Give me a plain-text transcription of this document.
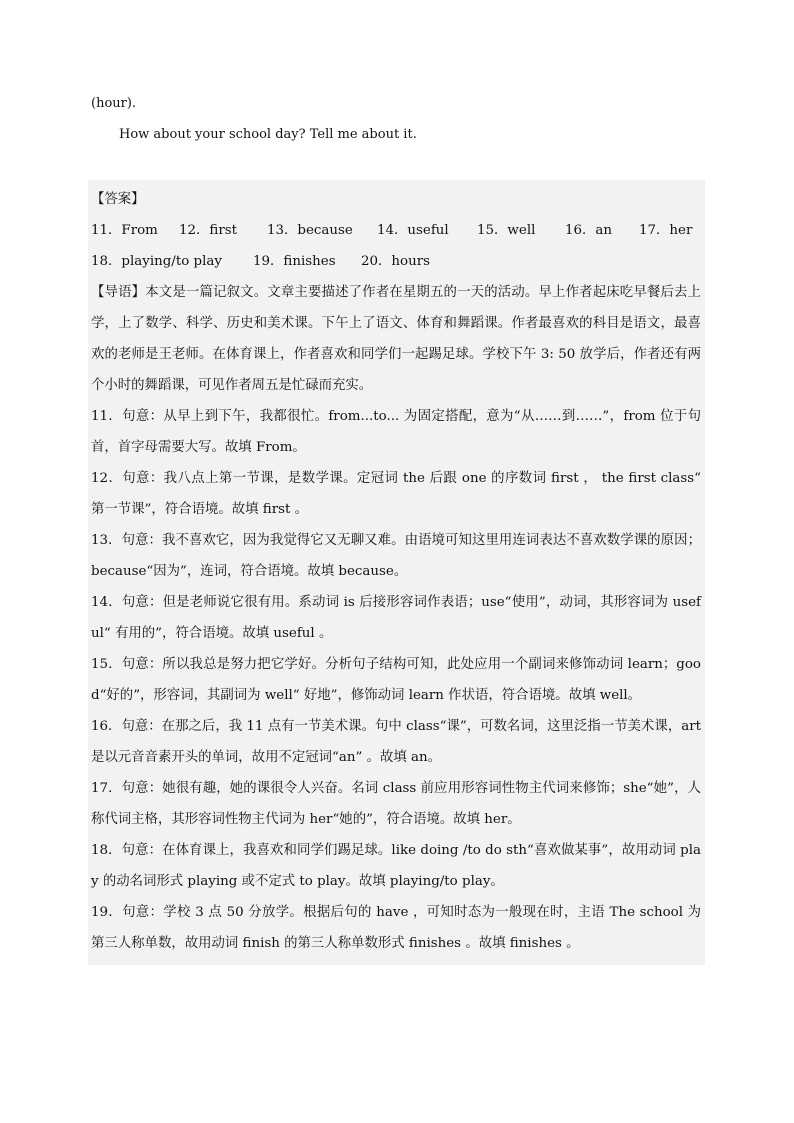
(hour).
How about your school day? Tell me about it.
【答案】
11．From 12．first 13．because 14．useful 15．well 16．an 17．her
18．playing/to play 19．finishes 20．hours
【导语】本文是一篇记叙文。文章主要描述了作者在星期五的一天的活动。早上作者起床吃早餐后去上学，上了数学、科学、历史和美术课。下午上了语文、体育和舞蹈课。作者最喜欢的科目是语文，最喜欢的老师是王老师。在体育课上，作者喜欢和同学们一起踢足球。学校下午 3: 50 放学后，作者还有两个小时的舞蹈课，可见作者周五是忙碌而充实。
11．句意：从早上到下午，我都很忙。from...to... 为固定搭配，意为“从……到……”，from 位于句首，首字母需要大写。故填 From。
12．句意：我八点上第一节课，是数学课。定冠词 the 后跟 one 的序数词 first ， the first class“ 第一节课”，符合语境。故填 first 。
13．句意：我不喜欢它，因为我觉得它又无聊又难。由语境可知这里用连词表达不喜欢数学课的原因；because“因为”，连词，符合语境。故填 because。
14．句意：但是老师说它很有用。系动词 is 后接形容词作表语；use“使用”，动词，其形容词为 useful“ 有用的”，符合语境。故填 useful 。
15．句意：所以我总是努力把它学好。分析句子结构可知，此处应用一个副词来修饰动词 learn；good“好的”，形容词，其副词为 well“ 好地”，修饰动词 learn 作状语，符合语境。故填 well。
16．句意：在那之后，我 11 点有一节美术课。句中 class“课”，可数名词，这里泛指一节美术课，art 是以元音音素开头的单词，故用不定冠词“an” 。故填 an。
17．句意：她很有趣，她的课很令人兴奋。名词 class 前应用形容词性物主代词来修饰；she“她”，人称代词主格，其形容词性物主代词为 her“她的”，符合语境。故填 her。
18．句意：在体育课上，我喜欢和同学们踢足球。like doing /to do sth“喜欢做某事”，故用动词 play 的动名词形式 playing 或不定式 to play。故填 playing/to play。
19．句意：学校 3 点 50 分放学。根据后句的 have ，可知时态为一般现在时，主语 The school 为第三人称单数，故用动词 finish 的第三人称单数形式 finishes 。故填 finishes 。
